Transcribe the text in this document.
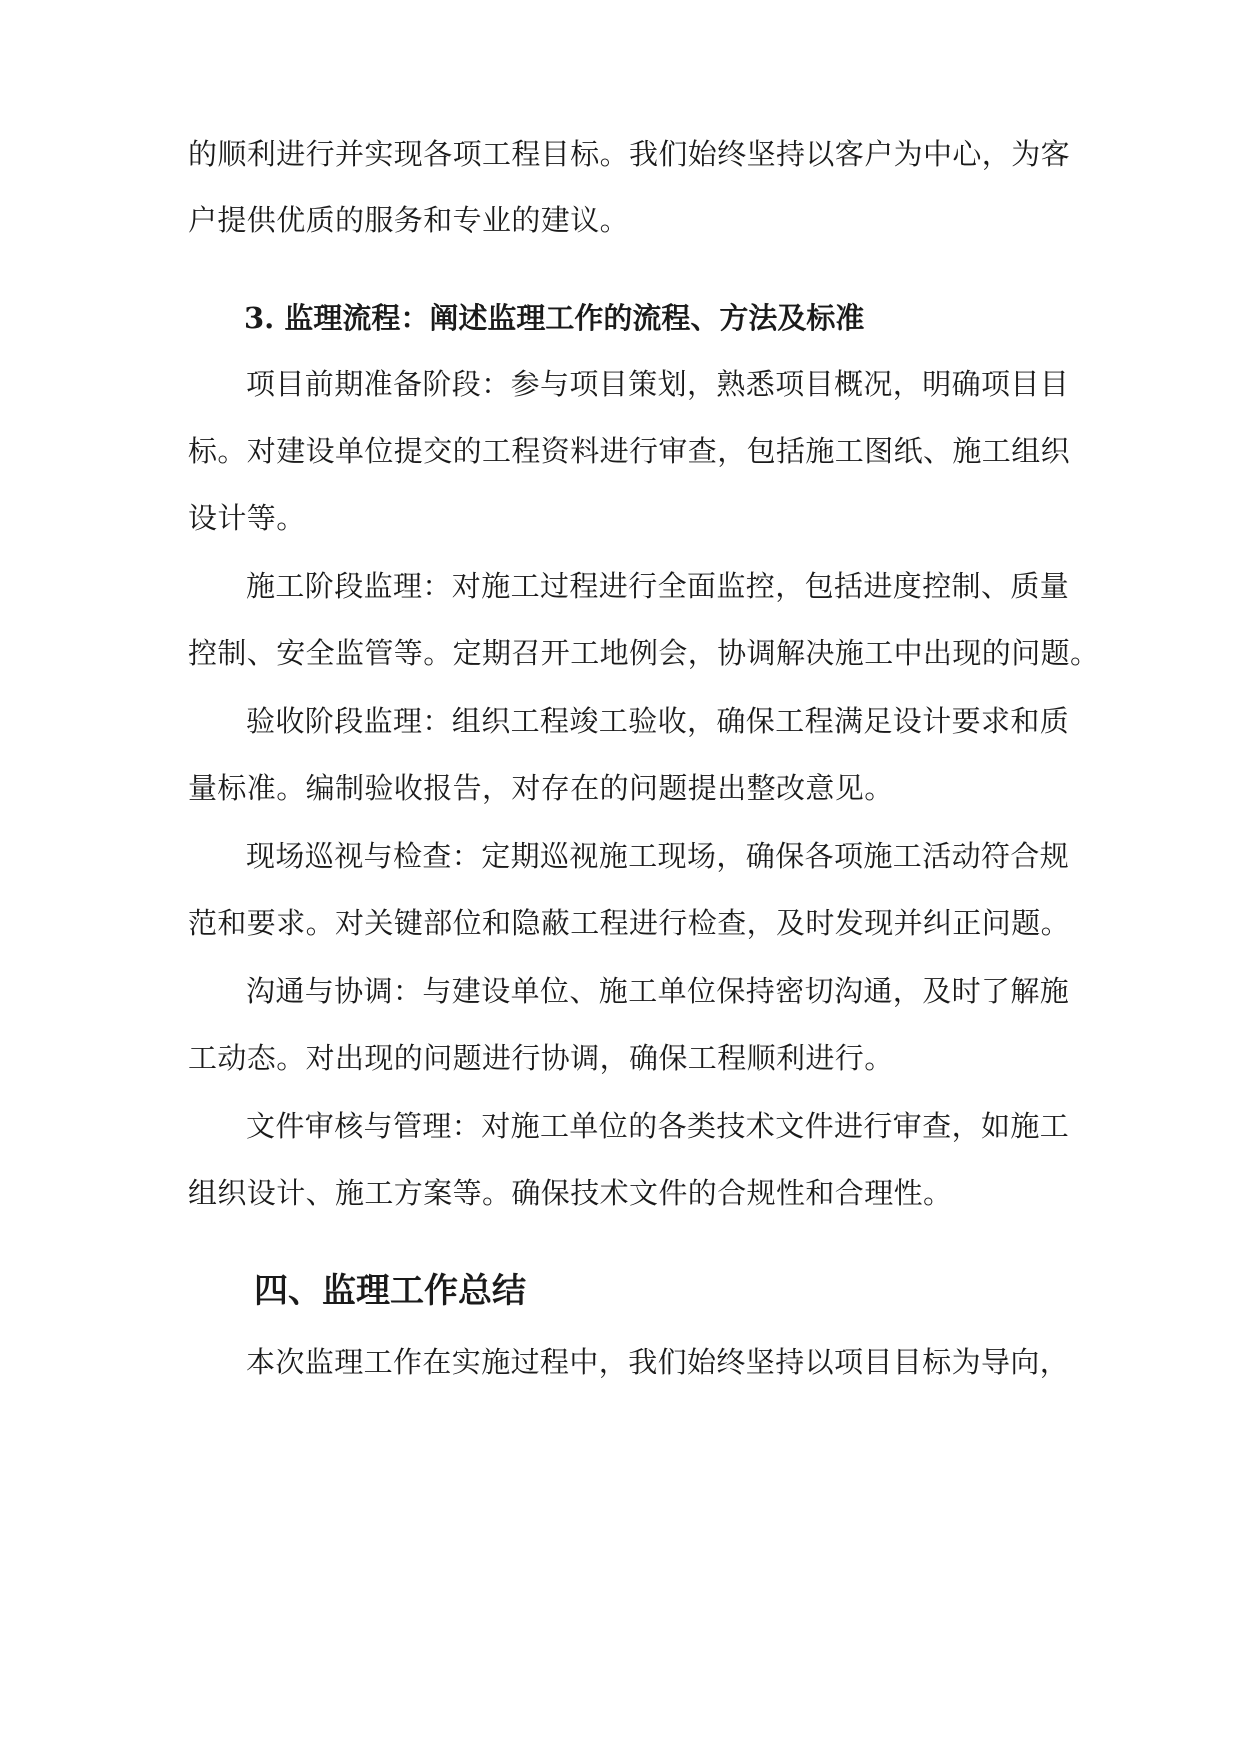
的顺利进行并实现各项工程目标。我们始终坚持以客户为中心，为客
户提供优质的服务和专业的建议。
3. 监理流程：阐述监理工作的流程、方法及标准
项目前期准备阶段：参与项目策划，熟悉项目概况，明确项目目
标。对建设单位提交的工程资料进行审查，包括施工图纸、施工组织
设计等。
施工阶段监理：对施工过程进行全面监控，包括进度控制、质量
控制、安全监管等。定期召开工地例会，协调解决施工中出现的问题。
验收阶段监理：组织工程竣工验收，确保工程满足设计要求和质
量标准。编制验收报告，对存在的问题提出整改意见。
现场巡视与检查：定期巡视施工现场，确保各项施工活动符合规
范和要求。对关键部位和隐蔽工程进行检查，及时发现并纠正问题。
沟通与协调：与建设单位、施工单位保持密切沟通，及时了解施
工动态。对出现的问题进行协调，确保工程顺利进行。
文件审核与管理：对施工单位的各类技术文件进行审查，如施工
组织设计、施工方案等。确保技术文件的合规性和合理性。
四、监理工作总结
本次监理工作在实施过程中，我们始终坚持以项目目标为导向，
